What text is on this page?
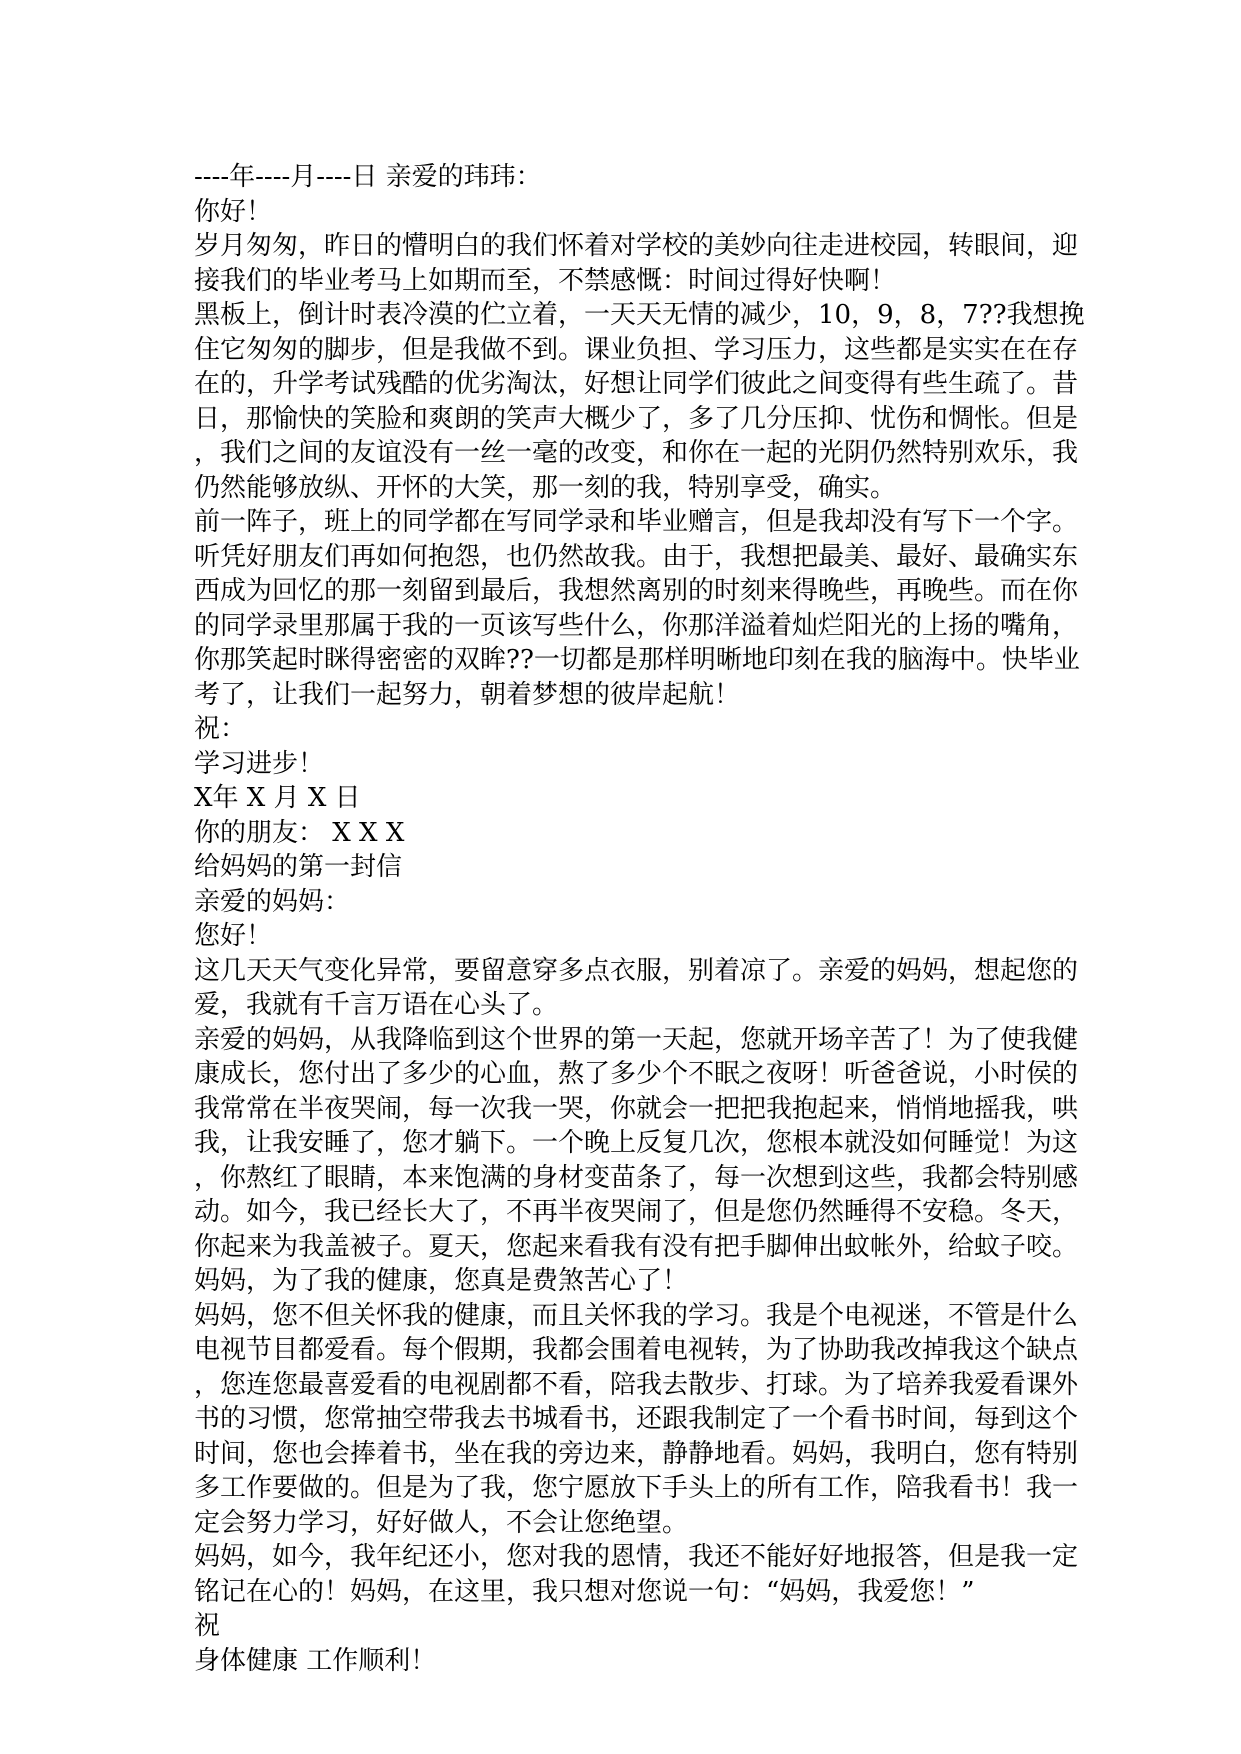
----年----月----日 亲爱的玮玮：
你好！
岁月匆匆，昨日的懵明白的我们怀着对学校的美妙向往走进校园，转眼间，迎
接我们的毕业考马上如期而至，不禁感慨：时间过得好快啊！
黑板上，倒计时表冷漠的伫立着，一天天无情的减少，10，9，8，7??我想挽
住它匆匆的脚步，但是我做不到。课业负担、学习压力，这些都是实实在在存
在的，升学考试残酷的优劣淘汰，好想让同学们彼此之间变得有些生疏了。昔
日，那愉快的笑脸和爽朗的笑声大概少了，多了几分压抑、忧伤和惆怅。但是
，我们之间的友谊没有一丝一毫的改变，和你在一起的光阴仍然特别欢乐，我
仍然能够放纵、开怀的大笑，那一刻的我，特别享受，确实。
前一阵子，班上的同学都在写同学录和毕业赠言，但是我却没有写下一个字。
听凭好朋友们再如何抱怨，也仍然故我。由于，我想把最美、最好、最确实东
西成为回忆的那一刻留到最后，我想然离别的时刻来得晚些，再晚些。而在你
的同学录里那属于我的一页该写些什么，你那洋溢着灿烂阳光的上扬的嘴角，
你那笑起时眯得密密的双眸??一切都是那样明晰地印刻在我的脑海中。快毕业
考了，让我们一起努力，朝着梦想的彼岸起航！
祝：
学习进步！
X年 X 月 X 日
你的朋友： X X X
给妈妈的第一封信
亲爱的妈妈：
您好！
这几天天气变化异常，要留意穿多点衣服，别着凉了。亲爱的妈妈，想起您的
爱，我就有千言万语在心头了。
亲爱的妈妈，从我降临到这个世界的第一天起，您就开场辛苦了！为了使我健
康成长，您付出了多少的心血，熬了多少个不眠之夜呀！听爸爸说，小时侯的
我常常在半夜哭闹，每一次我一哭，你就会一把把我抱起来，悄悄地摇我，哄
我，让我安睡了，您才躺下。一个晚上反复几次，您根本就没如何睡觉！为这
，你熬红了眼睛，本来饱满的身材变苗条了，每一次想到这些，我都会特别感
动。如今，我已经长大了，不再半夜哭闹了，但是您仍然睡得不安稳。冬天，
你起来为我盖被子。夏天，您起来看我有没有把手脚伸出蚊帐外，给蚊子咬。
妈妈，为了我的健康，您真是费煞苦心了！
妈妈，您不但关怀我的健康，而且关怀我的学习。我是个电视迷，不管是什么
电视节目都爱看。每个假期，我都会围着电视转，为了协助我改掉我这个缺点
，您连您最喜爱看的电视剧都不看，陪我去散步、打球。为了培养我爱看课外
书的习惯，您常抽空带我去书城看书，还跟我制定了一个看书时间，每到这个
时间，您也会捧着书，坐在我的旁边来，静静地看。妈妈，我明白，您有特别
多工作要做的。但是为了我，您宁愿放下手头上的所有工作，陪我看书！我一
定会努力学习，好好做人，不会让您绝望。
妈妈，如今，我年纪还小，您对我的恩情，我还不能好好地报答，但是我一定
铭记在心的！妈妈，在这里，我只想对您说一句：“妈妈，我爱您！”
祝
身体健康 工作顺利！
